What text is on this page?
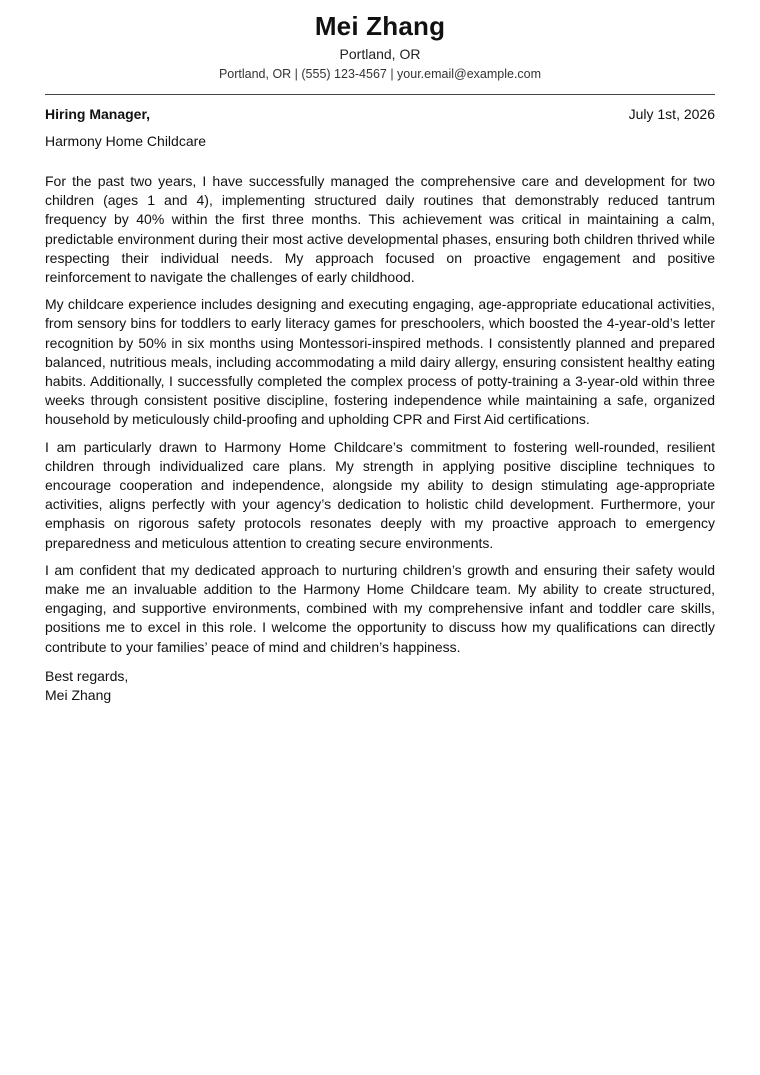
Mei Zhang
Portland, OR
Portland, OR | (555) 123-4567 | your.email@example.com
Hiring Manager,	July 1st, 2026
Harmony Home Childcare

For the past two years, I have successfully managed the comprehensive care and development for two children (ages 1 and 4), implementing structured daily routines that demonstrably reduced tantrum frequency by 40% within the first three months. This achievement was critical in maintaining a calm, predictable environment during their most active developmental phases, ensuring both children thrived while respecting their individual needs. My approach focused on proactive engagement and positive reinforcement to navigate the challenges of early childhood.

My childcare experience includes designing and executing engaging, age-appropriate educational activities, from sensory bins for toddlers to early literacy games for preschoolers, which boosted the 4-year-old’s letter recognition by 50% in six months using Montessori-inspired methods. I consistently planned and prepared balanced, nutritious meals, including accommodating a mild dairy allergy, ensuring consistent healthy eating habits. Additionally, I successfully completed the complex process of potty-training a 3-year-old within three weeks through consistent positive discipline, fostering independence while maintaining a safe, organized household by meticulously child-proofing and upholding CPR and First Aid certifications.

I am particularly drawn to Harmony Home Childcare’s commitment to fostering well-rounded, resilient children through individualized care plans. My strength in applying positive discipline techniques to encourage cooperation and independence, alongside my ability to design stimulating age-appropriate activities, aligns perfectly with your agency’s dedication to holistic child development. Furthermore, your emphasis on rigorous safety protocols resonates deeply with my proactive approach to emergency preparedness and meticulous attention to creating secure environments.

I am confident that my dedicated approach to nurturing children’s growth and ensuring their safety would make me an invaluable addition to the Harmony Home Childcare team. My ability to create structured, engaging, and supportive environments, combined with my comprehensive infant and toddler care skills, positions me to excel in this role. I welcome the opportunity to discuss how my qualifications can directly contribute to your families’ peace of mind and children’s happiness.

Best regards,
Mei Zhang
